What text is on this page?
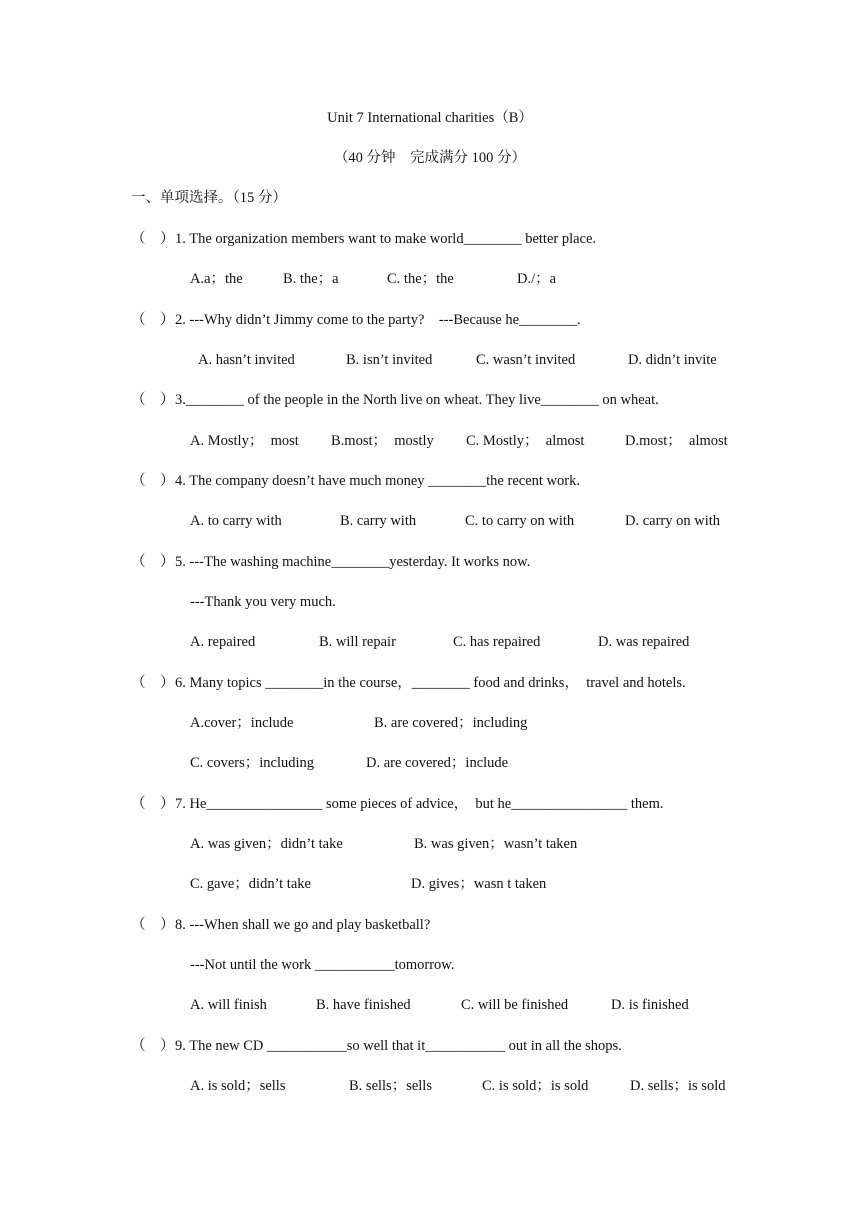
Unit 7 International charities（B）
（40 分钟　完成满分 100 分）
一、单项选择。（15 分）
（　） 1. The organization members want to make world________ better place.
A.a；the	B. the；a	C. the；the	D./；a
（　） 2. ---Why didn’t Jimmy come to the party?　---Because he________.
A. hasn’t invited	B. isn’t invited	C. wasn’t invited	D. didn’t invite
（　） 3.________ of the people in the North live on wheat. They live________ on wheat.
A. Mostly；  most B.most；  mostly C. Mostly；  almost	D.most；  almost
（　） 4. The company doesn’t have much money ________the recent work.
A. to carry with	B. carry with	C. to carry on with	D. carry on with
（　） 5. ---The washing machine________yesterday. It works now.
---Thank you very much.
A. repaired	B. will repair	C. has repaired	D. was repaired
（　） 6. Many topics ________in the course，________ food and drinks，  travel and hotels.
A.cover；include	B. are covered；including
C. covers；including	D. are covered；include
（　） 7. He________________ some pieces of advice，  but he________________ them.
A. was given；didn’t take	B. was given；wasn’t taken
C. gave；didn’t take	D. gives；wasn t taken
（　） 8. ---When shall we go and play basketball?
---Not until the work ___________tomorrow.
A. will finish	B. have finished	C. will be finished	D. is finished
（　） 9. The new CD ___________so well that it___________ out in all the shops.
A. is sold；sells	B. sells；sells	C. is sold；is sold	D. sells；is sold
